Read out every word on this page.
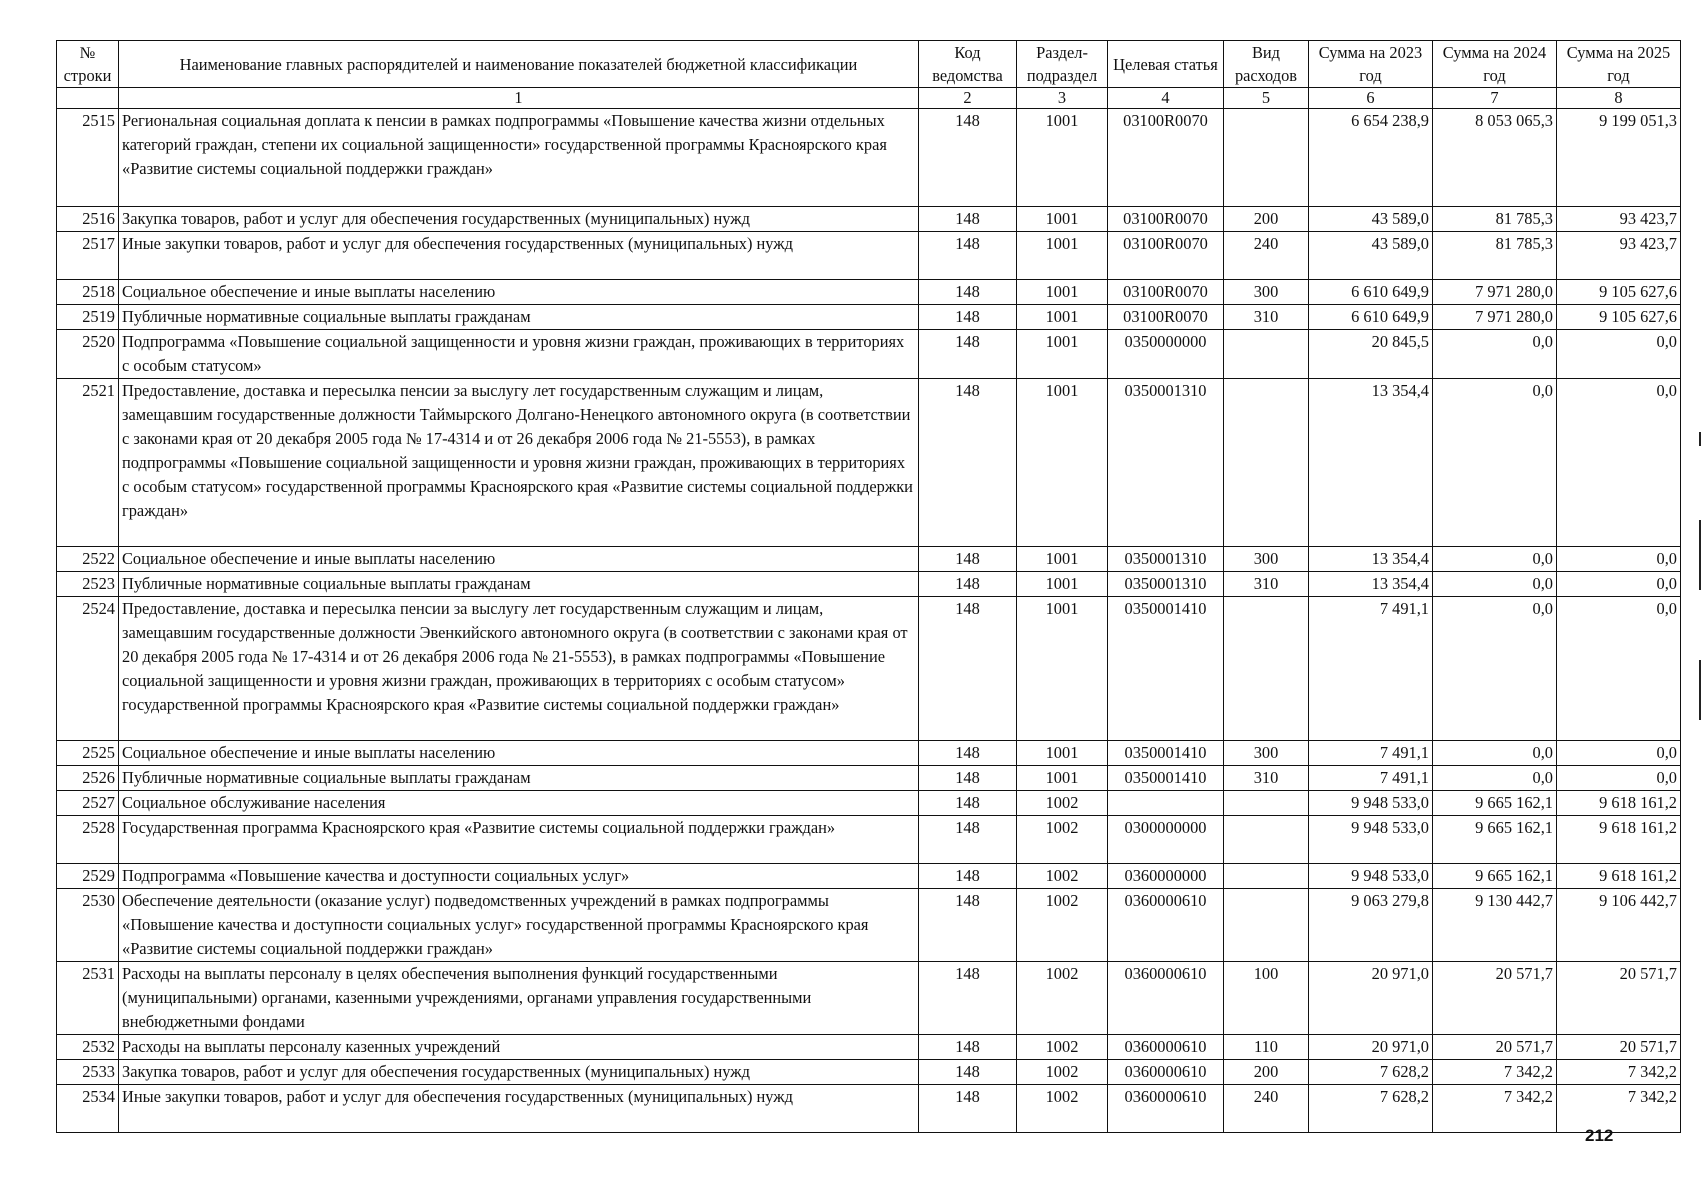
№ строки	Наименование главных распорядителей и наименование показателей бюджетной классификации	Код ведомства	Раздел-подраздел	Целевая статья	Вид расходов	Сумма на 2023 год	Сумма на 2024 год	Сумма на 2025 год
	1	2	3	4	5	6	7	8
2515	Региональная социальная доплата к пенсии в рамках подпрограммы «Повышение качества жизни отдельных категорий граждан, степени их социальной защищенности» государственной программы Красноярского края «Развитие системы социальной поддержки граждан»	148	1001	03100R0070		6 654 238,9	8 053 065,3	9 199 051,3
2516	Закупка товаров, работ и услуг для обеспечения государственных (муниципальных) нужд	148	1001	03100R0070	200	43 589,0	81 785,3	93 423,7
2517	Иные закупки товаров, работ и услуг для обеспечения государственных (муниципальных) нужд	148	1001	03100R0070	240	43 589,0	81 785,3	93 423,7
2518	Социальное обеспечение и иные выплаты населению	148	1001	03100R0070	300	6 610 649,9	7 971 280,0	9 105 627,6
2519	Публичные нормативные социальные выплаты гражданам	148	1001	03100R0070	310	6 610 649,9	7 971 280,0	9 105 627,6
2520	Подпрограмма «Повышение социальной защищенности и уровня жизни граждан, проживающих в территориях с особым статусом»	148	1001	0350000000		20 845,5	0,0	0,0
2521	Предоставление, доставка и пересылка пенсии за выслугу лет государственным служащим и лицам, замещавшим государственные должности Таймырского Долгано-Ненецкого автономного округа (в соответствии с законами края от 20 декабря 2005 года № 17-4314 и от 26 декабря 2006 года № 21-5553), в рамках подпрограммы «Повышение социальной защищенности и уровня жизни граждан, проживающих в территориях с особым статусом» государственной программы Красноярского края «Развитие системы социальной поддержки граждан»	148	1001	0350001310		13 354,4	0,0	0,0
2522	Социальное обеспечение и иные выплаты населению	148	1001	0350001310	300	13 354,4	0,0	0,0
2523	Публичные нормативные социальные выплаты гражданам	148	1001	0350001310	310	13 354,4	0,0	0,0
2524	Предоставление, доставка и пересылка пенсии за выслугу лет государственным служащим и лицам, замещавшим государственные должности Эвенкийского автономного округа (в соответствии с законами края от 20 декабря 2005 года № 17-4314 и от 26 декабря 2006 года № 21-5553), в рамках подпрограммы «Повышение социальной защищенности и уровня жизни граждан, проживающих в территориях с особым статусом» государственной программы Красноярского края «Развитие системы социальной поддержки граждан»	148	1001	0350001410		7 491,1	0,0	0,0
2525	Социальное обеспечение и иные выплаты населению	148	1001	0350001410	300	7 491,1	0,0	0,0
2526	Публичные нормативные социальные выплаты гражданам	148	1001	0350001410	310	7 491,1	0,0	0,0
2527	Социальное обслуживание населения	148	1002			9 948 533,0	9 665 162,1	9 618 161,2
2528	Государственная программа Красноярского края «Развитие системы социальной поддержки граждан»	148	1002	0300000000		9 948 533,0	9 665 162,1	9 618 161,2
2529	Подпрограмма «Повышение качества и доступности социальных услуг»	148	1002	0360000000		9 948 533,0	9 665 162,1	9 618 161,2
2530	Обеспечение деятельности (оказание услуг) подведомственных учреждений в рамках подпрограммы «Повышение качества и доступности социальных услуг» государственной программы Красноярского края «Развитие системы социальной поддержки граждан»	148	1002	0360000610		9 063 279,8	9 130 442,7	9 106 442,7
2531	Расходы на выплаты персоналу в целях обеспечения выполнения функций государственными (муниципальными) органами, казенными учреждениями, органами управления государственными внебюджетными фондами	148	1002	0360000610	100	20 971,0	20 571,7	20 571,7
2532	Расходы на выплаты персоналу казенных учреждений	148	1002	0360000610	110	20 971,0	20 571,7	20 571,7
2533	Закупка товаров, работ и услуг для обеспечения государственных (муниципальных) нужд	148	1002	0360000610	200	7 628,2	7 342,2	7 342,2
2534	Иные закупки товаров, работ и услуг для обеспечения государственных (муниципальных) нужд	148	1002	0360000610	240	7 628,2	7 342,2	7 342,2
212
